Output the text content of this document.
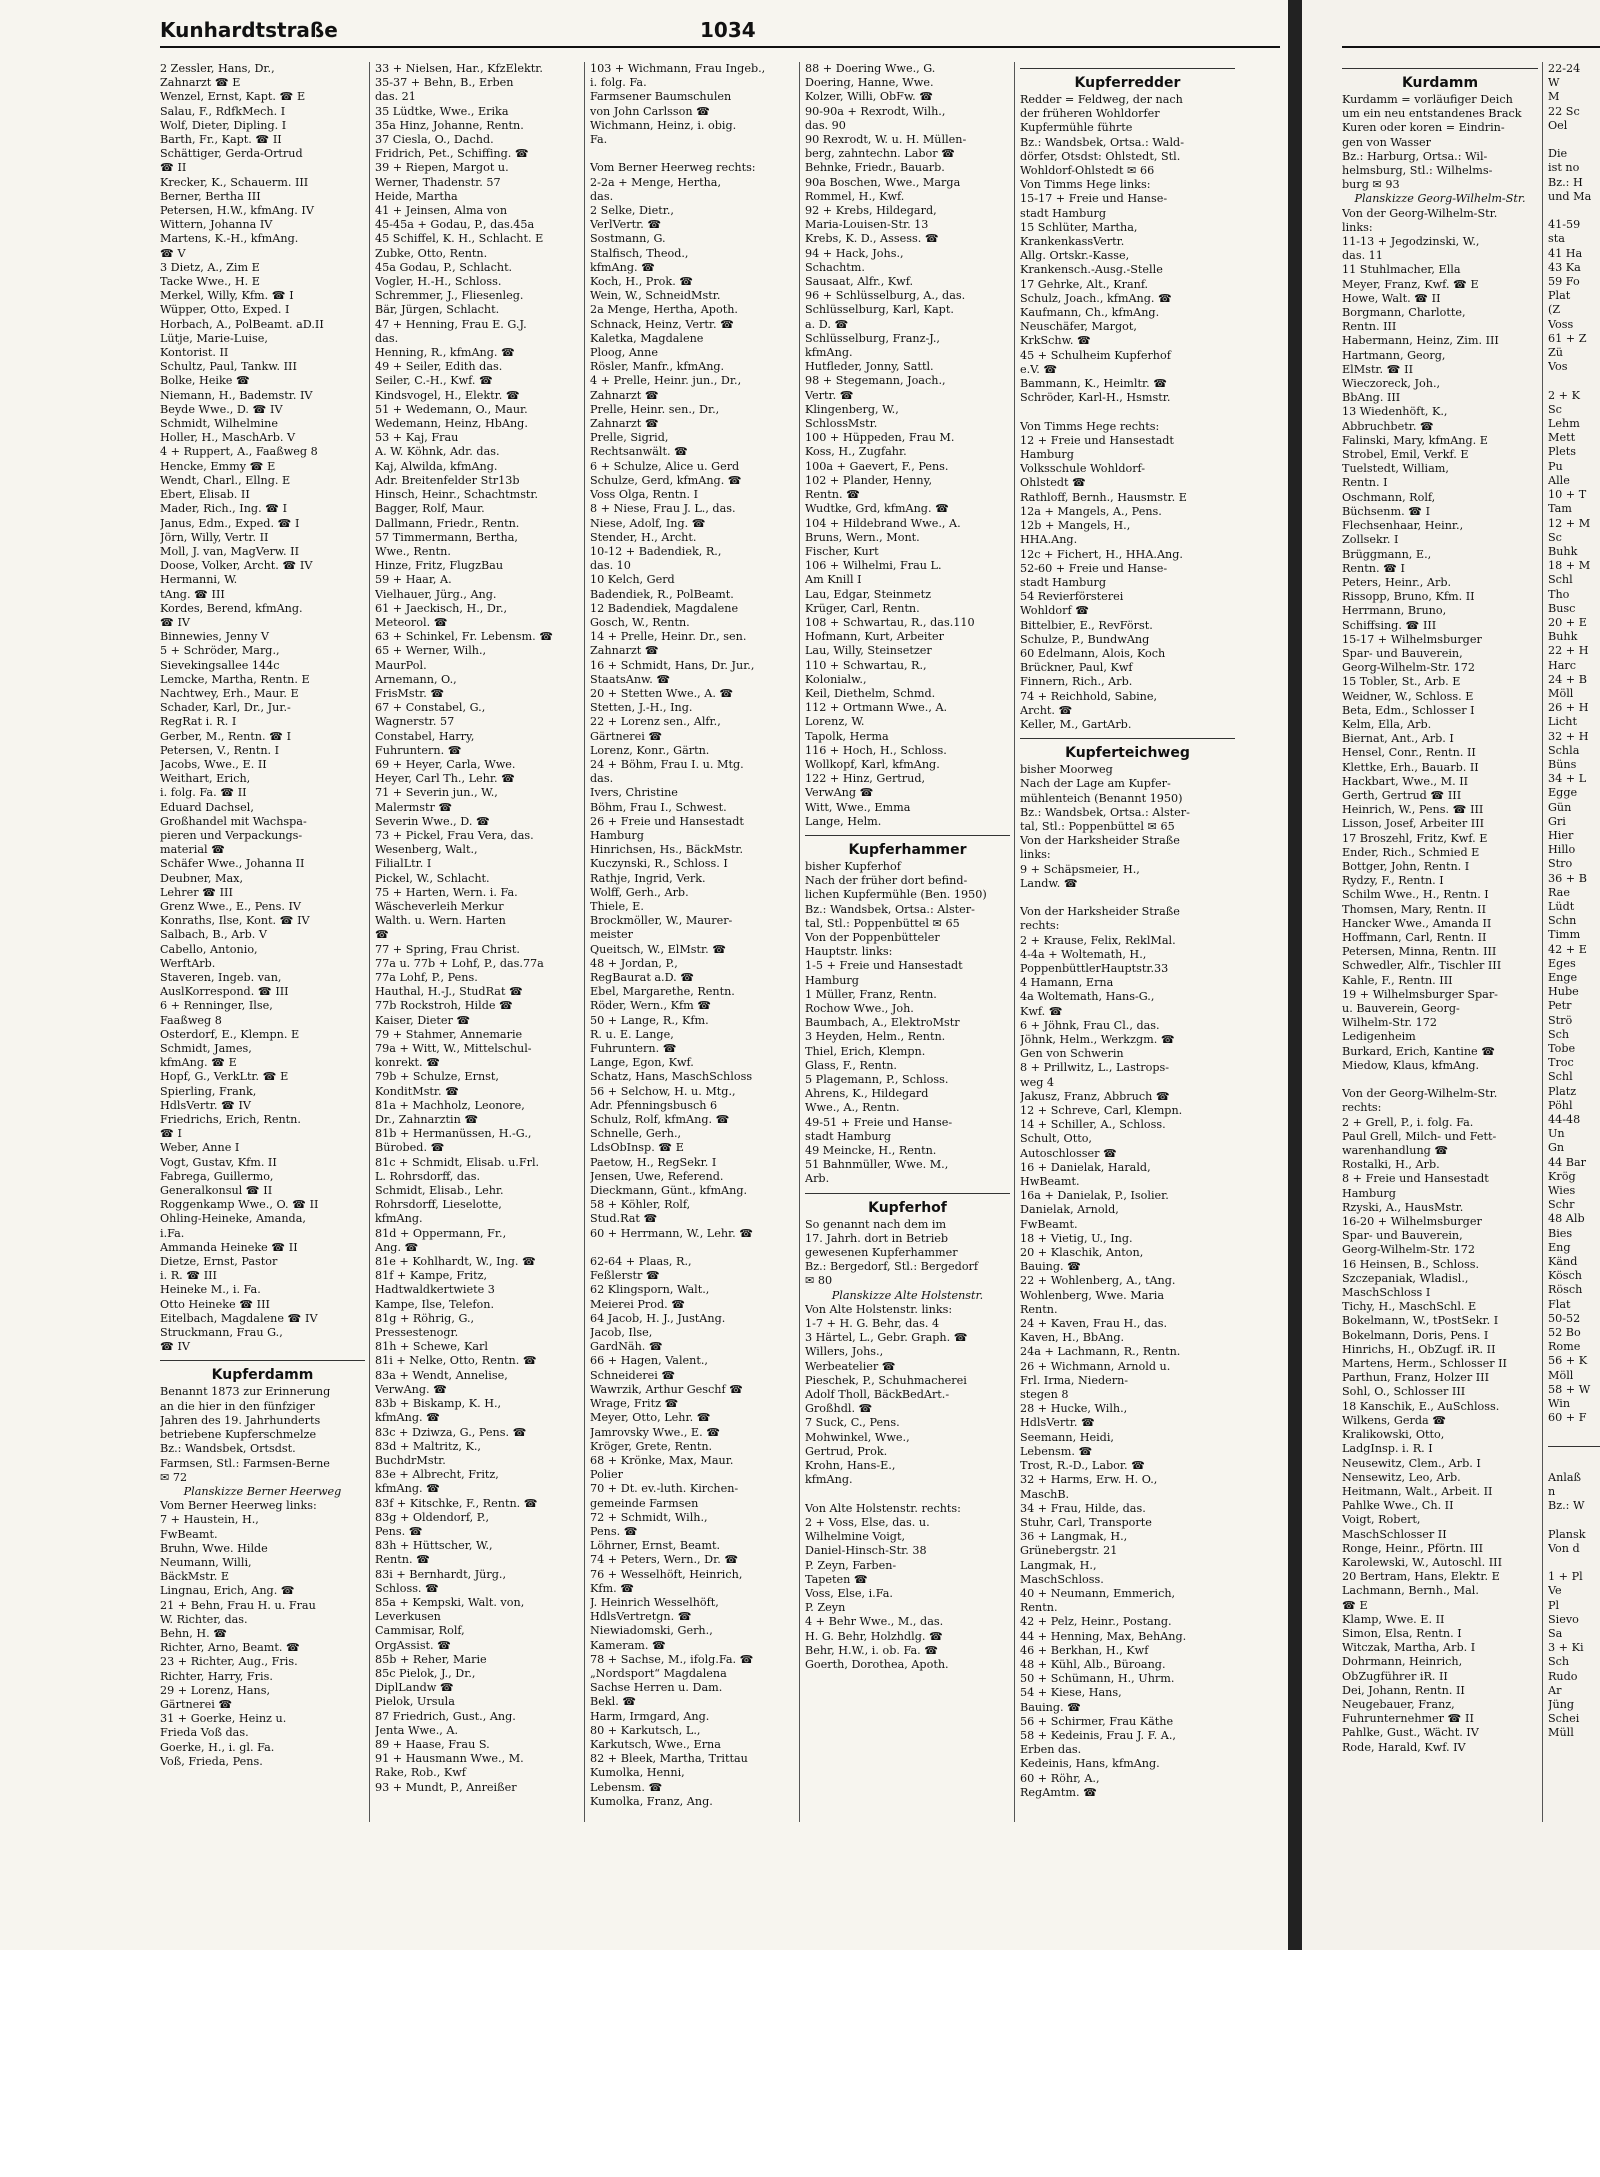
Kunhardtstraße	1034
2 Zessler, Hans, Dr.,
Zahnarzt ☎ E
Wenzel, Ernst, Kapt. ☎ E
Salau, F., RdfkMech. I
Wolf, Dieter, Dipling. I
Barth, Fr., Kapt. ☎ II
Schättiger, Gerda-Ortrud
☎ II
Krecker, K., Schauerm. III
Berner, Bertha III
Petersen, H.W., kfmAng. IV
Wittern, Johanna IV
Martens, K.-H., kfmAng.
☎ V
3 Dietz, A., Zim E
Tacke Wwe., H. E
Merkel, Willy, Kfm. ☎ I
Wüpper, Otto, Exped. I
Horbach, A., PolBeamt. aD.II
Lütje, Marie-Luise,
Kontorist. II
Schultz, Paul, Tankw. III
Bolke, Heike ☎
Niemann, H., Bademstr. IV
Beyde Wwe., D. ☎ IV
Schmidt, Wilhelmine
Holler, H., MaschArb. V
4 + Ruppert, A., Faaßweg 8
Hencke, Emmy ☎ E
Wendt, Charl., Ellng. E
Ebert, Elisab. II
Mader, Rich., Ing. ☎ I
Janus, Edm., Exped. ☎ I
Jörn, Willy, Vertr. II
Moll, J. van, MagVerw. II
Doose, Volker, Archt. ☎ IV
Hermanni, W.
tAng. ☎ III
Kordes, Berend, kfmAng.
☎ IV
Binnewies, Jenny V
5 + Schröder, Marg.,
Sievekingsallee 144c
Lemcke, Martha, Rentn. E
Nachtwey, Erh., Maur. E
Schader, Karl, Dr., Jur.-
RegRat i. R. I
Gerber, M., Rentn. ☎ I
Petersen, V., Rentn. I
Jacobs, Wwe., E. II
Weithart, Erich,
i. folg. Fa. ☎ II
Eduard Dachsel,
Großhandel mit Wachspa-
pieren und Verpackungs-
material ☎
Schäfer Wwe., Johanna II
Deubner, Max,
Lehrer ☎ III
Grenz Wwe., E., Pens. IV
Konraths, Ilse, Kont. ☎ IV
Salbach, B., Arb. V
Cabello, Antonio,
WerftArb.
Staveren, Ingeb. van,
AuslKorrespond. ☎ III
6 + Renninger, Ilse,
Faaßweg 8
Osterdorf, E., Klempn. E
Schmidt, James,
kfmAng. ☎ E
Hopf, G., VerkLtr. ☎ E
Spierling, Frank,
HdlsVertr. ☎ IV
Friedrichs, Erich, Rentn.
☎ I
Weber, Anne I
Vogt, Gustav, Kfm. II
Fabrega, Guillermo,
Generalkonsul ☎ II
Roggenkamp Wwe., O. ☎ II
Ohling-Heineke, Amanda,
i.Fa.
Ammanda Heineke ☎ II
Dietze, Ernst, Pastor
i. R. ☎ III
Heineke M., i. Fa.
Otto Heineke ☎ III
Eitelbach, Magdalene ☎ IV
Struckmann, Frau G.,
☎ IV
Kupferdamm
Benannt 1873 zur Erinnerung
an die hier in den fünfziger
Jahren des 19. Jahrhunderts
betriebene Kupferschmelze
Bz.: Wandsbek, Ortsdst.
Farmsen, Stl.: Farmsen-Berne
✉ 72
Planskizze Berner Heerweg
Vom Berner Heerweg links:
7 + Haustein, H.,
FwBeamt.
Bruhn, Wwe. Hilde
Neumann, Willi,
BäckMstr. E
Lingnau, Erich, Ang. ☎
21 + Behn, Frau H. u. Frau
W. Richter, das.
Behn, H. ☎
Richter, Arno, Beamt. ☎
23 + Richter, Aug., Fris.
Richter, Harry, Fris.
29 + Lorenz, Hans,
Gärtnerei ☎
31 + Goerke, Heinz u.
Frieda Voß das.
Goerke, H., i. gl. Fa.
Voß, Frieda, Pens.
33 + Nielsen, Har., KfzElektr.
35-37 + Behn, B., Erben
das. 21
35 Lüdtke, Wwe., Erika
35a Hinz, Johanne, Rentn.
37 Ciesla, O., Dachd.
Fridrich, Pet., Schiffing. ☎
39 + Riepen, Margot u.
Werner, Thadenstr. 57
Heide, Martha
41 + Jeinsen, Alma von
45-45a + Godau, P., das.45a
45 Schiffel, K. H., Schlacht. E
Zubke, Otto, Rentn.
45a Godau, P., Schlacht.
Vogler, H.-H., Schloss.
Schremmer, J., Fliesenleg.
Bär, Jürgen, Schlacht.
47 + Henning, Frau E. G.J.
das.
Henning, R., kfmAng. ☎
49 + Seiler, Edith das.
Seiler, C.-H., Kwf. ☎
Kindsvogel, H., Elektr. ☎
51 + Wedemann, O., Maur.
Wedemann, Heinz, HbAng.
53 + Kaj, Frau
A. W. Köhnk, Adr. das.
Kaj, Alwilda, kfmAng.
Adr. Breitenfelder Str13b
Hinsch, Heinr., Schachtmstr.
Bagger, Rolf, Maur.
Dallmann, Friedr., Rentn.
57 Timmermann, Bertha,
Wwe., Rentn.
Hinze, Fritz, FlugzBau
59 + Haar, A.
Vielhauer, Jürg., Ang.
61 + Jaeckisch, H., Dr.,
Meteorol. ☎
63 + Schinkel, Fr. Lebensm. ☎
65 + Werner, Wilh.,
MaurPol.
Arnemann, O.,
FrisMstr. ☎
67 + Constabel, G.,
Wagnerstr. 57
Constabel, Harry,
Fuhruntern. ☎
69 + Heyer, Carla, Wwe.
Heyer, Carl Th., Lehr. ☎
71 + Severin jun., W.,
Malermstr ☎
Severin Wwe., D. ☎
73 + Pickel, Frau Vera, das.
Wesenberg, Walt.,
FilialLtr. I
Pickel, W., Schlacht.
75 + Harten, Wern. i. Fa.
Wäscheverleih Merkur
Walth. u. Wern. Harten
☎
77 + Spring, Frau Christ.
77a u. 77b + Lohf, P., das.77a
77a Lohf, P., Pens.
Hauthal, H.-J., StudRat ☎
77b Rockstroh, Hilde ☎
Kaiser, Dieter ☎
79 + Stahmer, Annemarie
79a + Witt, W., Mittelschul-
konrekt. ☎
79b + Schulze, Ernst,
KonditMstr. ☎
81a + Machholz, Leonore,
Dr., Zahnarztin ☎
81b + Hermanüssen, H.-G.,
Bürobed. ☎
81c + Schmidt, Elisab. u.Frl.
L. Rohrsdorff, das.
Schmidt, Elisab., Lehr.
Rohrsdorff, Lieselotte,
kfmAng.
81d + Oppermann, Fr.,
Ang. ☎
81e + Kohlhardt, W., Ing. ☎
81f + Kampe, Fritz,
Hadtwaldkertwiete 3
Kampe, Ilse, Telefon.
81g + Röhrig, G.,
Pressestenogr.
81h + Schewe, Karl
81i + Nelke, Otto, Rentn. ☎
83a + Wendt, Annelise,
VerwAng. ☎
83b + Biskamp, K. H.,
kfmAng. ☎
83c + Dziwza, G., Pens. ☎
83d + Maltritz, K.,
BuchdrMstr.
83e + Albrecht, Fritz,
kfmAng. ☎
83f + Kitschke, F., Rentn. ☎
83g + Oldendorf, P.,
Pens. ☎
83h + Hüttscher, W.,
Rentn. ☎
83i + Bernhardt, Jürg.,
Schloss. ☎
85a + Kempski, Walt. von,
Leverkusen
Cammisar, Rolf,
OrgAssist. ☎
85b + Reher, Marie
85c Pielok, J., Dr.,
DiplLandw ☎
Pielok, Ursula
87 Friedrich, Gust., Ang.
Jenta Wwe., A.
89 + Haase, Frau S.
91 + Hausmann Wwe., M.
Rake, Rob., Kwf
93 + Mundt, P., Anreißer
103 + Wichmann, Frau Ingeb.,
i. folg. Fa.
Farmsener Baumschulen
von John Carlsson ☎
Wichmann, Heinz, i. obig.
Fa.

Vom Berner Heerweg rechts:
2-2a + Menge, Hertha,
das.
2 Selke, Dietr.,
VerlVertr. ☎
Sostmann, G.
Stalfisch, Theod.,
kfmAng. ☎
Koch, H., Prok. ☎
Wein, W., SchneidMstr.
2a Menge, Hertha, Apoth.
Schnack, Heinz, Vertr. ☎
Kaletka, Magdalene
Ploog, Anne
Rösler, Manfr., kfmAng.
4 + Prelle, Heinr. jun., Dr.,
Zahnarzt ☎
Prelle, Heinr. sen., Dr.,
Zahnarzt ☎
Prelle, Sigrid,
Rechtsanwält. ☎
6 + Schulze, Alice u. Gerd
Schulze, Gerd, kfmAng. ☎
Voss Olga, Rentn. I
8 + Niese, Frau J. L., das.
Niese, Adolf, Ing. ☎
Stender, H., Archt.
10-12 + Badendiek, R.,
das. 10
10 Kelch, Gerd
Badendiek, R., PolBeamt.
12 Badendiek, Magdalene
Gosch, W., Rentn.
14 + Prelle, Heinr. Dr., sen.
Zahnarzt ☎
16 + Schmidt, Hans, Dr. Jur.,
StaatsAnw. ☎
20 + Stetten Wwe., A. ☎
Stetten, J.-H., Ing.
22 + Lorenz sen., Alfr.,
Gärtnerei ☎
Lorenz, Konr., Gärtn.
24 + Böhm, Frau I. u. Mtg.
das.
Ivers, Christine
Böhm, Frau I., Schwest.
26 + Freie und Hansestadt
Hamburg
Hinrichsen, Hs., BäckMstr.
Kuczynski, R., Schloss. I
Rathje, Ingrid, Verk.
Wolff, Gerh., Arb.
Thiele, E.
Brockmöller, W., Maurer-
meister
Queitsch, W., ElMstr. ☎
48 + Jordan, P.,
RegBaurat a.D. ☎
Ebel, Margarethe, Rentn.
Röder, Wern., Kfm ☎
50 + Lange, R., Kfm.
R. u. E. Lange,
Fuhruntern. ☎
Lange, Egon, Kwf.
Schatz, Hans, MaschSchloss
56 + Selchow, H. u. Mtg.,
Adr. Pfenningsbusch 6
Schulz, Rolf, kfmAng. ☎
Schnelle, Gerh.,
LdsObInsp. ☎ E
Paetow, H., RegSekr. I
Jensen, Uwe, Referend.
Dieckmann, Günt., kfmAng.
58 + Köhler, Rolf,
Stud.Rat ☎
60 + Herrmann, W., Lehr. ☎

62-64 + Plaas, R.,
Feßlerstr ☎
62 Klingsporn, Walt.,
Meierei Prod. ☎
64 Jacob, H. J., JustAng.
Jacob, Ilse,
GardNäh. ☎
66 + Hagen, Valent.,
Schneiderei ☎
Wawrzik, Arthur Geschf ☎
Wrage, Fritz ☎
Meyer, Otto, Lehr. ☎
Jamrovsky Wwe., E. ☎
Kröger, Grete, Rentn.
68 + Krönke, Max, Maur.
Polier
70 + Dt. ev.-luth. Kirchen-
gemeinde Farmsen
72 + Schmidt, Wilh.,
Pens. ☎
Löhrner, Ernst, Beamt.
74 + Peters, Wern., Dr. ☎
76 + Wesselhöft, Heinrich,
Kfm. ☎
J. Heinrich Wesselhöft,
HdlsVertretgn. ☎
Niewiadomski, Gerh.,
Kameram. ☎
78 + Sachse, M., ifolg.Fa. ☎
„Nordsport“ Magdalena
Sachse Herren u. Dam.
Bekl. ☎
Harm, Irmgard, Ang.
80 + Karkutsch, L.,
Karkutsch, Wwe., Erna
82 + Bleek, Martha, Trittau
Kumolka, Henni,
Lebensm. ☎
Kumolka, Franz, Ang.
88 + Doering Wwe., G.
Doering, Hanne, Wwe.
Kolzer, Willi, ObFw. ☎
90-90a + Rexrodt, Wilh.,
das. 90
90 Rexrodt, W. u. H. Müllen-
berg, zahntechn. Labor ☎
Behnke, Friedr., Bauarb.
90a Boschen, Wwe., Marga
Rommel, H., Kwf.
92 + Krebs, Hildegard,
Maria-Louisen-Str. 13
Krebs, K. D., Assess. ☎
94 + Hack, Johs.,
Schachtm.
Sausaat, Alfr., Kwf.
96 + Schlüsselburg, A., das.
Schlüsselburg, Karl, Kapt.
a. D. ☎
Schlüsselburg, Franz-J.,
kfmAng.
Hutfleder, Jonny, Sattl.
98 + Stegemann, Joach.,
Vertr. ☎
Klingenberg, W.,
SchlossMstr.
100 + Hüppeden, Frau M.
Koss, H., Zugfahr.
100a + Gaevert, F., Pens.
102 + Plander, Henny,
Rentn. ☎
Wudtke, Grd, kfmAng. ☎
104 + Hildebrand Wwe., A.
Bruns, Wern., Mont.
Fischer, Kurt
106 + Wilhelmi, Frau L.
Am Knill I
Lau, Edgar, Steinmetz
Krüger, Carl, Rentn.
108 + Schwartau, R., das.110
Hofmann, Kurt, Arbeiter
Lau, Willy, Steinsetzer
110 + Schwartau, R.,
Kolonialw.,
Keil, Diethelm, Schmd.
112 + Ortmann Wwe., A.
Lorenz, W.
Tapolk, Herma
116 + Hoch, H., Schloss.
Wollkopf, Karl, kfmAng.
122 + Hinz, Gertrud,
VerwAng ☎
Witt, Wwe., Emma
Lange, Helm.
Kupferhammer
bisher Kupferhof
Nach der früher dort befind-
lichen Kupfermühle (Ben. 1950)
Bz.: Wandsbek, Ortsa.: Alster-
tal, Stl.: Poppenbüttel ✉ 65
Von der Poppenbütteler
Hauptstr. links:
1-5 + Freie und Hansestadt
Hamburg
1 Müller, Franz, Rentn.
Rochow Wwe., Joh.
Baumbach, A., ElektroMstr
3 Heyden, Helm., Rentn.
Thiel, Erich, Klempn.
Glass, F., Rentn.
5 Plagemann, P., Schloss.
Ahrens, K., Hildegard
Wwe., A., Rentn.
49-51 + Freie und Hanse-
stadt Hamburg
49 Meincke, H., Rentn.
51 Bahnmüller, Wwe. M.,
Arb.
Kupferhof
So genannt nach dem im
17. Jahrh. dort in Betrieb
gewesenen Kupferhammer
Bz.: Bergedorf, Stl.: Bergedorf
✉ 80
Planskizze Alte Holstenstr.
Von Alte Holstenstr. links:
1-7 + H. G. Behr, das. 4
3 Härtel, L., Gebr. Graph. ☎
Willers, Johs.,
Werbeatelier ☎
Pieschek, P., Schuhmacherei
Adolf Tholl, BäckBedArt.-
Großhdl. ☎
7 Suck, C., Pens.
Mohwinkel, Wwe.,
Gertrud, Prok.
Krohn, Hans-E.,
kfmAng.

Von Alte Holstenstr. rechts:
2 + Voss, Else, das. u.
Wilhelmine Voigt,
Daniel-Hinsch-Str. 38
P. Zeyn, Farben-
Tapeten ☎
Voss, Else, i.Fa.
P. Zeyn
4 + Behr Wwe., M., das.
H. G. Behr, Holzhdlg. ☎
Behr, H.W., i. ob. Fa. ☎
Goerth, Dorothea, Apoth.
Kupferredder
Redder = Feldweg, der nach
der früheren Wohldorfer
Kupfermühle führte
Bz.: Wandsbek, Ortsa.: Wald-
dörfer, Otsdst: Ohlstedt, Stl.
Wohldorf-Ohlstedt ✉ 66
Von Timms Hege links:
15-17 + Freie und Hanse-
stadt Hamburg
15 Schlüter, Martha,
KrankenkassVertr.
Allg. Ortskr.-Kasse,
Krankensch.-Ausg.-Stelle
17 Gehrke, Alt., Kranf.
Schulz, Joach., kfmAng. ☎
Kaufmann, Ch., kfmAng.
Neuschäfer, Margot,
KrkSchw. ☎
45 + Schulheim Kupferhof
e.V. ☎
Bammann, K., Heimltr. ☎
Schröder, Karl-H., Hsmstr.

Von Timms Hege rechts:
12 + Freie und Hansestadt
Hamburg
Volksschule Wohldorf-
Ohlstedt ☎
Rathloff, Bernh., Hausmstr. E
12a + Mangels, A., Pens.
12b + Mangels, H.,
HHA.Ang.
12c + Fichert, H., HHA.Ang.
52-60 + Freie und Hanse-
stadt Hamburg
54 Revierförsterei
Wohldorf ☎
Bittelbier, E., RevFörst.
Schulze, P., BundwAng
60 Edelmann, Alois, Koch
Brückner, Paul, Kwf
Finnern, Rich., Arb.
74 + Reichhold, Sabine,
Archt. ☎
Keller, M., GartArb.
Kupferteichweg
bisher Moorweg
Nach der Lage am Kupfer-
mühlenteich (Benannt 1950)
Bz.: Wandsbek, Ortsa.: Alster-
tal, Stl.: Poppenbüttel ✉ 65
Von der Harksheider Straße
links:
9 + Schäpsmeier, H.,
Landw. ☎

Von der Harksheider Straße
rechts:
2 + Krause, Felix, ReklMal.
4-4a + Woltemath, H.,
PoppenbüttlerHauptstr.33
4 Hamann, Erna
4a Woltemath, Hans-G.,
Kwf. ☎
6 + Jöhnk, Frau Cl., das.
Jöhnk, Helm., Werkzgm. ☎
Gen von Schwerin
8 + Prillwitz, L., Lastrops-
weg 4
Jakusz, Franz, Abbruch ☎
12 + Schreve, Carl, Klempn.
14 + Schiller, A., Schloss.
Schult, Otto,
Autoschlosser ☎
16 + Danielak, Harald,
HwBeamt.
16a + Danielak, P., Isolier.
Danielak, Arnold,
FwBeamt.
18 + Vietig, U., Ing.
20 + Klaschik, Anton,
Bauing. ☎
22 + Wohlenberg, A., tAng.
Wohlenberg, Wwe. Maria
Rentn.
24 + Kaven, Frau H., das.
Kaven, H., BbAng.
24a + Lachmann, R., Rentn.
26 + Wichmann, Arnold u.
Frl. Irma, Niedern-
stegen 8
28 + Hucke, Wilh.,
HdlsVertr. ☎
Seemann, Heidi,
Lebensm. ☎
Trost, R.-D., Labor. ☎
32 + Harms, Erw. H. O.,
MaschB.
34 + Frau, Hilde, das.
Stuhr, Carl, Transporte
36 + Langmak, H.,
Grünebergstr. 21
Langmak, H.,
MaschSchloss.
40 + Neumann, Emmerich,
Rentn.
42 + Pelz, Heinr., Postang.
44 + Henning, Max, BehAng.
46 + Berkhan, H., Kwf
48 + Kühl, Alb., Büroang.
50 + Schümann, H., Uhrm.
54 + Kiese, Hans,
Bauing. ☎
56 + Schirmer, Frau Käthe
58 + Kedeinis, Frau J. F. A.,
Erben das.
Kedeinis, Hans, kfmAng.
60 + Röhr, A.,
RegAmtm. ☎
Kurdamm
Kurdamm = vorläufiger Deich
um ein neu entstandenes Brack
Kuren oder koren = Eindrin-
gen von Wasser
Bz.: Harburg, Ortsa.: Wil-
helmsburg, Stl.: Wilhelms-
burg ✉ 93
Planskizze Georg-Wilhelm-Str.
Von der Georg-Wilhelm-Str.
links:
11-13 + Jegodzinski, W.,
das. 11
11 Stuhlmacher, Ella
Meyer, Franz, Kwf. ☎ E
Howe, Walt. ☎ II
Borgmann, Charlotte,
Rentn. III
Habermann, Heinz, Zim. III
Hartmann, Georg,
ElMstr. ☎ II
Wieczoreck, Joh.,
BbAng. III
13 Wiedenhöft, K.,
Abbruchbetr. ☎
Falinski, Mary, kfmAng. E
Strobel, Emil, Verkf. E
Tuelstedt, William,
Rentn. I
Oschmann, Rolf,
Büchsenm. ☎ I
Flechsenhaar, Heinr.,
Zollsekr. I
Brüggmann, E.,
Rentn. ☎ I
Peters, Heinr., Arb.
Rissopp, Bruno, Kfm. II
Herrmann, Bruno,
Schiffsing. ☎ III
15-17 + Wilhelmsburger
Spar- und Bauverein,
Georg-Wilhelm-Str. 172
15 Tobler, St., Arb. E
Weidner, W., Schloss. E
Beta, Edm., Schlosser I
Kelm, Ella, Arb.
Biernat, Ant., Arb. I
Hensel, Conr., Rentn. II
Klettke, Erh., Bauarb. II
Hackbart, Wwe., M. II
Gerth, Gertrud ☎ III
Heinrich, W., Pens. ☎ III
Lisson, Josef, Arbeiter III
17 Broszehl, Fritz, Kwf. E
Ender, Rich., Schmied E
Bottger, John, Rentn. I
Rydzy, F., Rentn. I
Schilm Wwe., H., Rentn. I
Thomsen, Mary, Rentn. II
Hancker Wwe., Amanda II
Hoffmann, Carl, Rentn. II
Petersen, Minna, Rentn. III
Schwedler, Alfr., Tischler III
Kahle, F., Rentn. III
19 + Wilhelmsburger Spar-
u. Bauverein, Georg-
Wilhelm-Str. 172
Ledigenheim
Burkard, Erich, Kantine ☎
Miedow, Klaus, kfmAng.

Von der Georg-Wilhelm-Str.
rechts:
2 + Grell, P., i. folg. Fa.
Paul Grell, Milch- und Fett-
warenhandlung ☎
Rostalki, H., Arb.
8 + Freie und Hansestadt
Hamburg
Rzyski, A., HausMstr.
16-20 + Wilhelmsburger
Spar- und Bauverein,
Georg-Wilhelm-Str. 172
16 Heinsen, B., Schloss.
Szczepaniak, Wladisl.,
MaschSchloss I
Tichy, H., MaschSchl. E
Bokelmann, W., tPostSekr. I
Bokelmann, Doris, Pens. I
Hinrichs, H., ObZugf. iR. II
Martens, Herm., Schlosser II
Parthun, Franz, Holzer III
Sohl, O., Schlosser III
18 Kanschik, E., AuSchloss.
Wilkens, Gerda ☎
Kralikowski, Otto,
LadgInsp. i. R. I
Neusewitz, Clem., Arb. I
Nensewitz, Leo, Arb.
Heitmann, Walt., Arbeit. II
Pahlke Wwe., Ch. II
Voigt, Robert,
MaschSchlosser II
Ronge, Heinr., Pförtn. III
Karolewski, W., Autoschl. III
20 Bertram, Hans, Elektr. E
Lachmann, Bernh., Mal.
☎ E
Klamp, Wwe. E. II
Simon, Elsa, Rentn. I
Witczak, Martha, Arb. I
Dohrmann, Heinrich,
ObZugführer iR. II
Dei, Johann, Rentn. II
Neugebauer, Franz,
Fuhrunternehmer ☎ II
Pahlke, Gust., Wächt. IV
Rode, Harald, Kwf. IV
22-24
W
M
22 Sc
Oel

Die
ist no
Bz.: H
und Ma

41-59
sta
41 Ha
43 Ka
59 Fo
Plat
(Z
Voss
61 + Z
Zü
Vos

2 + K
Sc
Lehm
Mett
Plets
Pu
Alle
10 + T
Tam
12 + M
Sc
Buhk
18 + M
Schl
Tho
Busc
20 + E
Buhk
22 + H
Harc
24 + B
Möll
26 + H
Licht
32 + H
Schla
Büns
34 + L
Egge
Gün
Gri
Hier
Hillo
Stro
36 + B
Rae
Lüdt
Schn
Timm
42 + E
Eges
Enge
Hube
Petr
Strö
Sch
Tobe
Troc
Schl
Platz
Pöhl
44-48
Un
Gn
44 Bar
Krög
Wies
Schr
48 Alb
Bies
Eng
Känd
Kösch
Rösch
Flat
50-52
52 Bo
Rome
56 + K
Möll
58 + W
Win
60 + F

Anlaß
n
Bz.: W

Plansk
Von d

1 + Pl
Ve
Pl
Sievo
Sa
3 + Ki
Sch
Rudo
Ar
Jüng
Schei
Müll
